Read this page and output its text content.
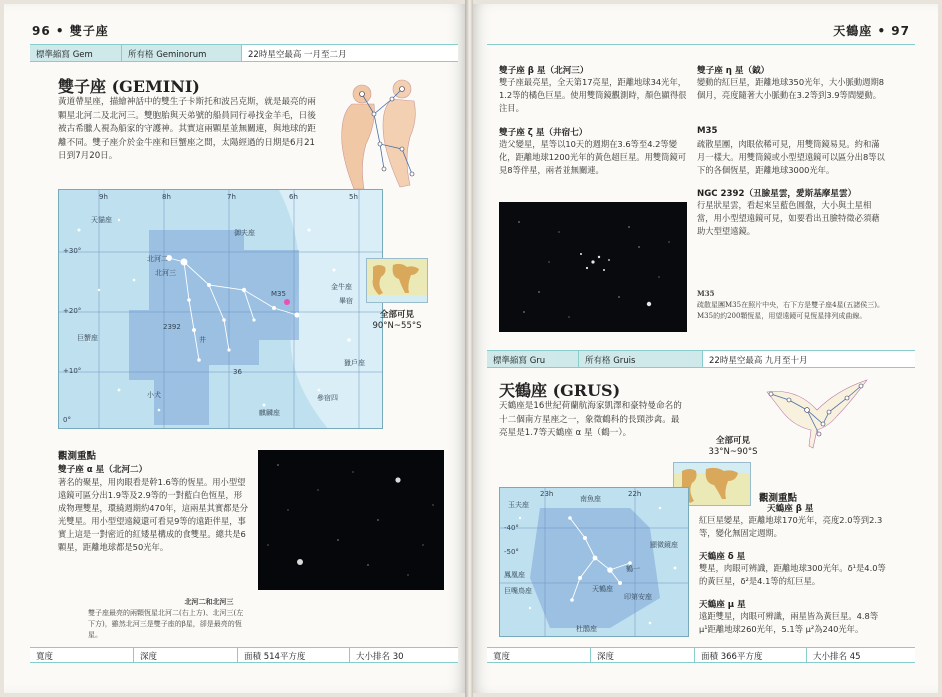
96 • 雙子座
標準縮寫 Gem	所有格 Geminorum	22時星空最高 一月至二月
雙子座 (GEMINI)
黃道帶星座，描繪神話中的雙生子卡斯托和波呂克斯，就是最亮的兩顆星北河二及北河三。雙胞胎與天弟號的船員同行尋找金羊毛，日後被古希臘人視為船家的守護神。其實這兩顆星並無關連，與地球的距離不同。雙子座介於金牛座和巨蟹座之間，太陽經過的日期是6月21日到7月20日。
9h	8h	7h	6h	5h
+30°
+20°
+10°
0°
天貓座
御夫座
北河二
北河三
M35
金牛座
畢宿
巨蟹座
小犬
獵戶座
參宿四
麒麟座
2392
井
36
全部可見
90°N~55°S
觀測重點
雙子座 α 星（北河二）
著名的聚星，用肉眼看是幹1.6等的恆星。用小型望遠鏡可區分出1.9等及2.9等的一對藍白色恆星，形成物理雙星，環繞週期約470年，這兩星其實都是分光雙星。用小型望遠鏡還可看見9等的遠距伴星，事實上這是一對密近的紅矮星構成的食雙星。總共是6顆星，距離地球都是50光年。
北河二和北河三
雙子座最亮的兩顆恆星北河二(右上方)、北河三(左下方)，雖然北河三是雙子座的β星，卻是最亮的恆星。
寬度	深度	面積 514平方度	大小排名 30
天鶴座 • 97
雙子座 β 星（北河三）
雙子座最亮星，全天第17亮星，距離地球34光年，1.2等的橘色巨星。使用雙筒鏡觀測時，顏色顯得很注目。
雙子座 ζ 星（井宿七）
造父變星，星等以10天的週期在3.6等至4.2等變化，距離地球1200光年的黃色超巨星。用雙筒鏡可見8等伴星，兩者並無關連。
雙子座 η 星（鉞）
變動的紅巨星，距離地球350光年，大小脈動週期8個月，亮度隨著大小脈動在3.2等到3.9等間變動。
M35
疏散星團，肉眼依稀可見，用雙筒鏡易見。約和滿月一樣大。用雙筒鏡或小型望遠鏡可以區分出8等以下的各個恆星，距離地球3000光年。
NGC 2392（丑臉星雲，愛斯基摩星雲）
行星狀星雲，看起來呈藍色圓盤，大小與土星相當，用小型望遠鏡可見，如要看出丑臉特徵必須藉助大型望遠鏡。
M35
疏散星團M35在照片中央，右下方是雙子座4星(五諸侯三)。M35的約200顆恆星，用望遠鏡可見恆星排列成曲線。
標準縮寫 Gru	所有格 Gruis	22時星空最高 九月至十月
天鶴座 (GRUS)
天鶴座是16世紀荷蘭航海家凱澤和豪特曼命名的十二個南方星座之一，象徵鶴科的長頸涉禽。最亮星是1.7等天鶴座 α 星（鶴一）。
全部可見
33°N~90°S
23h	22h
南魚座
玉夫座
鶴一
天鶴座
鳳凰座
巨嘴鳥座
印第安座
顯微鏡座
杜鵑座
-40°
-50°
觀測重點
天鶴座 β 星
紅巨星變星，距離地球170光年，亮度2.0等到2.3等，變化無固定週期。
天鶴座 δ 星
雙星，肉眼可辨識，距離地球300光年。δ¹是4.0等的黃巨星，δ²是4.1等的紅巨星。
天鶴座 μ 星
遠距雙星，肉眼可辨識，兩星皆為黃巨星。4.8等 μ¹距離地球260光年，5.1等 μ²為240光年。
寬度	深度	面積 366平方度	大小排名 45
